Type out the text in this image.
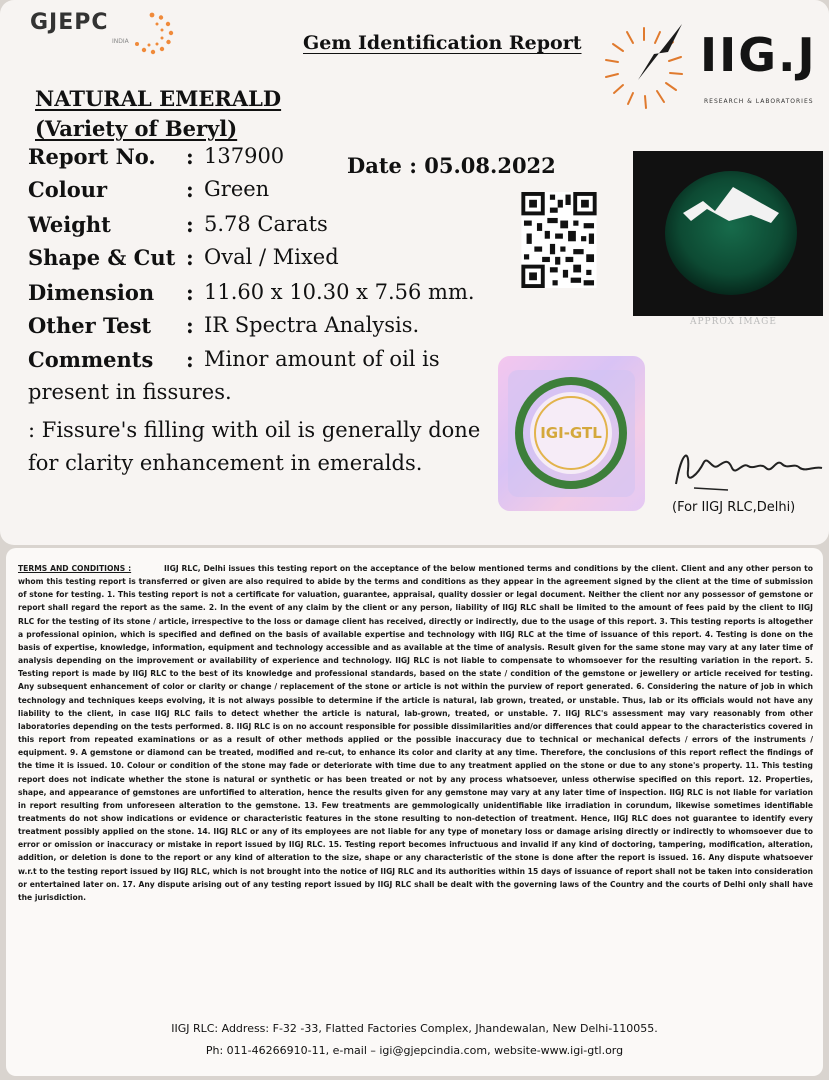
GJEPC
INDIA	Gem Identification Report	IIG.J
RESEARCH & LABORATORIES
NATURAL EMERALD
(Variety of Beryl)
Report No. : 137900	Date : 05.08.2022
Colour	: Green
Weight	: 5.78 Carats
Shape & Cut : Oval / Mixed
Dimension : 11.60 x 10.30 x 7.56 mm.
Other Test : IR Spectra Analysis.
Comments : Minor amount of oil is
present in fissures.
: Fissure's filling with oil is generally done
for clarity enhancement in emeralds.
APPROX IMAGE
IGI-GTL
(For IIGJ RLC,Delhi)
TERMS AND CONDITIONS :	IIGJ RLC, Delhi issues this testing report on the acceptance of the below mentioned terms and conditions by the client. Client and any other person to whom this testing report is transferred or given are also required to abide by the terms and conditions as they appear in the agreement signed by the client at the time of submission of stone for testing. 1. This testing report is not a certificate for valuation, guarantee, appraisal, quality dossier or legal document. Neither the client nor any possessor of gemstone or report shall regard the report as the same. 2. In the event of any claim by the client or any person, liability of IIGJ RLC shall be limited to the amount of fees paid by the client to IIGJ RLC for the testing of its stone / article, irrespective to the loss or damage client has received, directly or indirectly, due to the usage of this report. 3. This testing reports is altogether a professional opinion, which is specified and defined on the basis of available expertise and technology with IIGJ RLC at the time of issuance of this report. 4. Testing is done on the basis of expertise, knowledge, information, equipment and technology accessible and as available at the time of analysis. Result given for the same stone may vary at any later time of analysis depending on the improvement or availability of experience and technology. IIGJ RLC is not liable to compensate to whomsoever for the resulting variation in the report. 5. Testing report is made by IIGJ RLC to the best of its knowledge and professional standards, based on the state / condition of the gemstone or jewellery or article received for testing. Any subsequent enhancement of color or clarity or change / replacement of the stone or article is not within the purview of report generated. 6. Considering the nature of job in which technology and techniques keeps evolving, it is not always possible to determine if the article is natural, lab grown, treated, or unstable. Thus, lab or its officials would not have any liability to the client, in case IIGJ RLC fails to detect whether the article is natural, lab-grown, treated, or unstable. 7. IIGJ RLC's assessment may vary reasonably from other laboratories depending on the tests performed. 8. IIGJ RLC is on no account responsible for possible dissimilarities and/or differences that could appear to the characteristics covered in this report from repeated examinations or as a result of other methods applied or the possible inaccuracy due to technical or mechanical defects / errors of the instruments / equipment. 9. A gemstone or diamond can be treated, modified and re-cut, to enhance its color and clarity at any time. Therefore, the conclusions of this report reflect the findings of the time it is issued. 10. Colour or condition of the stone may fade or deteriorate with time due to any treatment applied on the stone or due to any stone's property. 11. This testing report does not indicate whether the stone is natural or synthetic or has been treated or not by any process whatsoever, unless otherwise specified on this report. 12. Properties, shape, and appearance of gemstones are unfortified to alteration, hence the results given for any gemstone may vary at any later time of inspection. IIGJ RLC is not liable for variation in report resulting from unforeseen alteration to the gemstone. 13. Few treatments are gemmologically unidentifiable like irradiation in corundum, likewise sometimes identifiable treatments do not show indications or evidence or characteristic features in the stone resulting to non-detection of treatment. Hence, IIGJ RLC does not guarantee to identify every treatment possibly applied on the stone. 14. IIGJ RLC or any of its employees are not liable for any type of monetary loss or damage arising directly or indirectly to whomsoever due to error or omission or inaccuracy or mistake in report issued by IIGJ RLC. 15. Testing report becomes infructuous and invalid if any kind of doctoring, tampering, modification, alteration, addition, or deletion is done to the report or any kind of alteration to the size, shape or any characteristic of the stone is done after the report is issued. 16. Any dispute whatsoever w.r.t to the testing report issued by IIGJ RLC, which is not brought into the notice of IIGJ RLC and its authorities within 15 days of issuance of report shall not be taken into consideration or entertained later on. 17. Any dispute arising out of any testing report issued by IIGJ RLC shall be dealt with the governing laws of the Country and the courts of Delhi only shall have the jurisdiction.
IIGJ RLC: Address: F-32 -33, Flatted Factories Complex, Jhandewalan, New Delhi-110055.
Ph: 011-46266910-11, e-mail – igi@gjepcindia.com, website-www.igi-gtl.org
